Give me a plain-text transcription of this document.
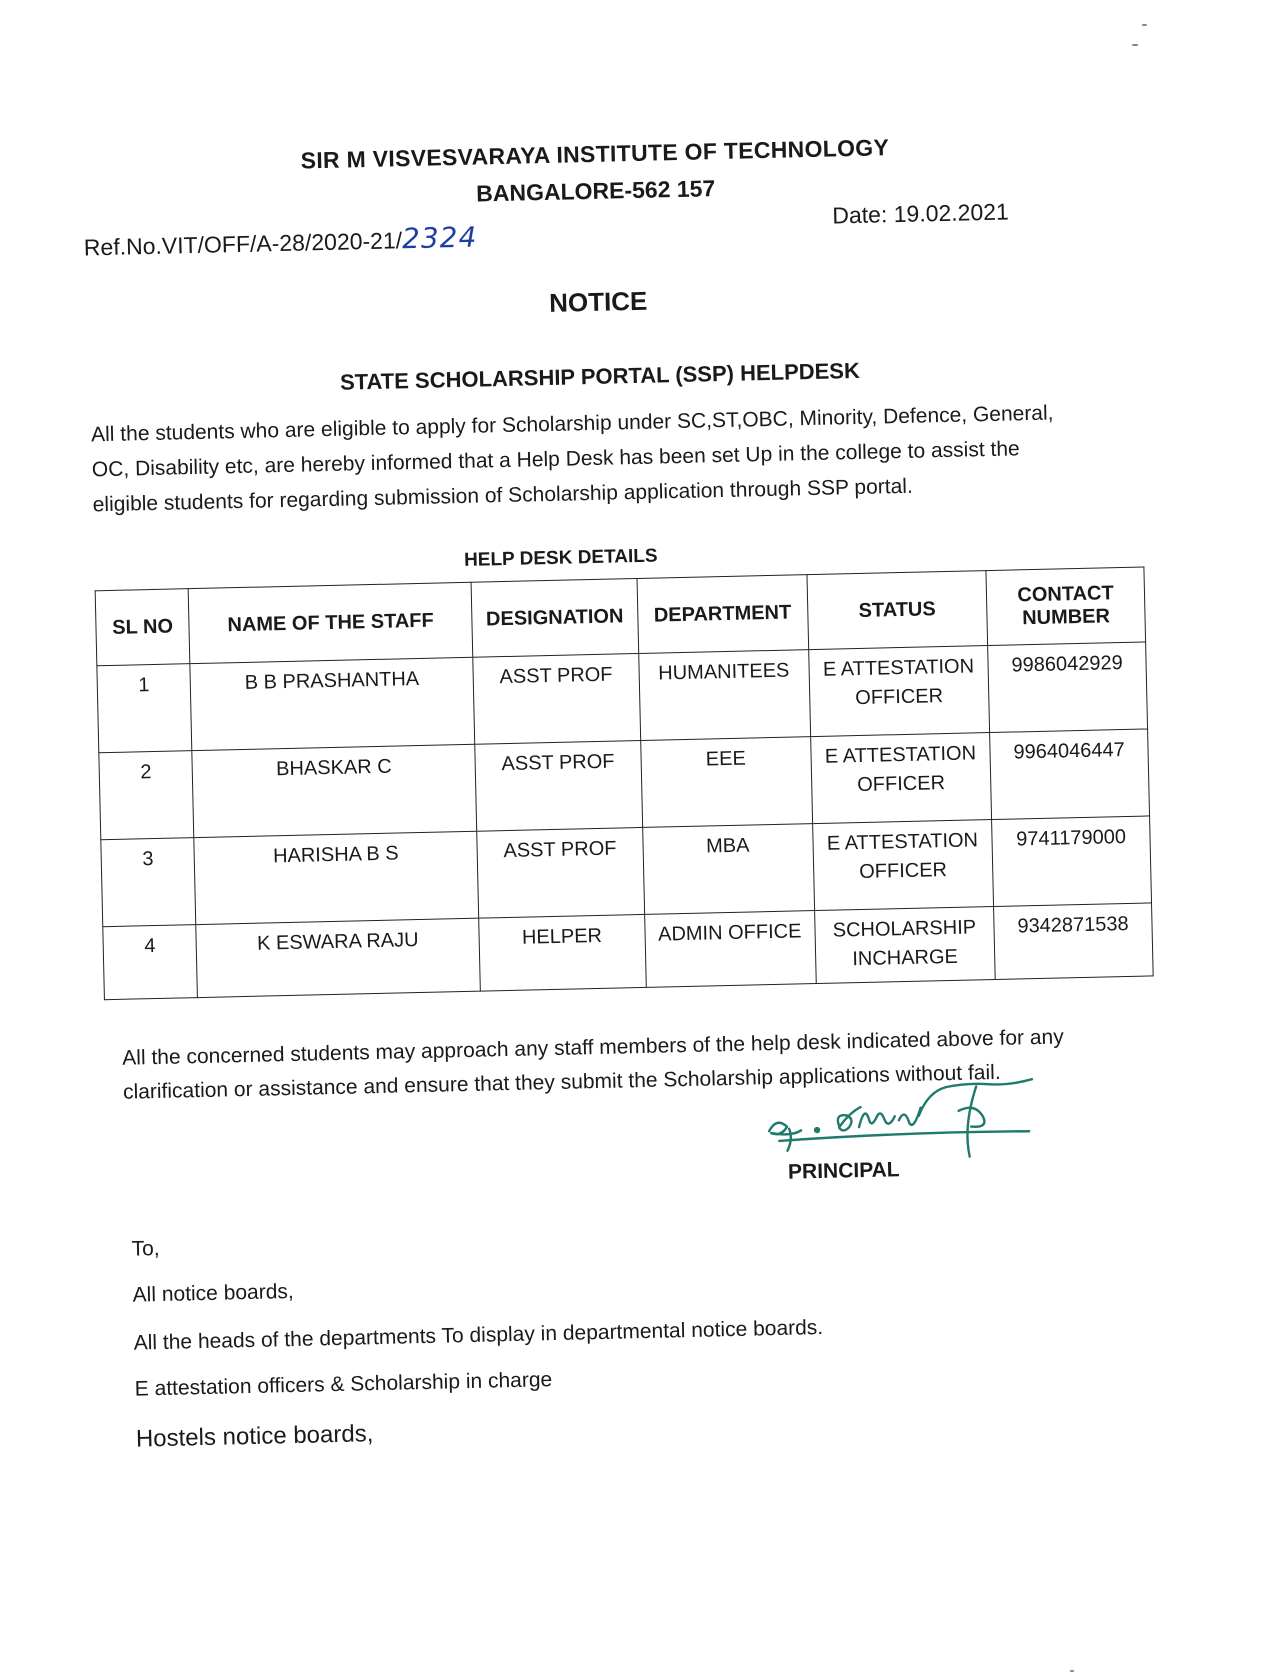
SIR M VISVESVARAYA INSTITUTE OF TECHNOLOGY
BANGALORE-562 157
Ref.No.VIT/OFF/A-28/2020-21/2324
Date: 19.02.2021
NOTICE
STATE SCHOLARSHIP PORTAL (SSP) HELPDESK
All the students who are eligible to apply for Scholarship under SC,ST,OBC, Minority, Defence, General, OC, Disability etc, are hereby informed that a Help Desk has been set Up in the college to assist the eligible students for regarding submission of Scholarship application through SSP portal.
HELP DESK DETAILS
SL NO	NAME OF THE STAFF	DESIGNATION	DEPARTMENT	STATUS	CONTACT NUMBER
1	B B PRASHANTHA	ASST PROF	HUMANITEES	E ATTESTATION OFFICER	9986042929
2	BHASKAR C	ASST PROF	EEE	E ATTESTATION OFFICER	9964046447
3	HARISHA B S	ASST PROF	MBA	E ATTESTATION OFFICER	9741179000
4	K ESWARA RAJU	HELPER	ADMIN OFFICE	SCHOLARSHIP INCHARGE	9342871538
All the concerned students may approach any staff members of the help desk indicated above for any clarification or assistance and ensure that they submit the Scholarship applications without fail.
PRINCIPAL
To,
All notice boards,
All the heads of the departments To display in departmental notice boards.
E attestation officers & Scholarship in charge
Hostels notice boards,
